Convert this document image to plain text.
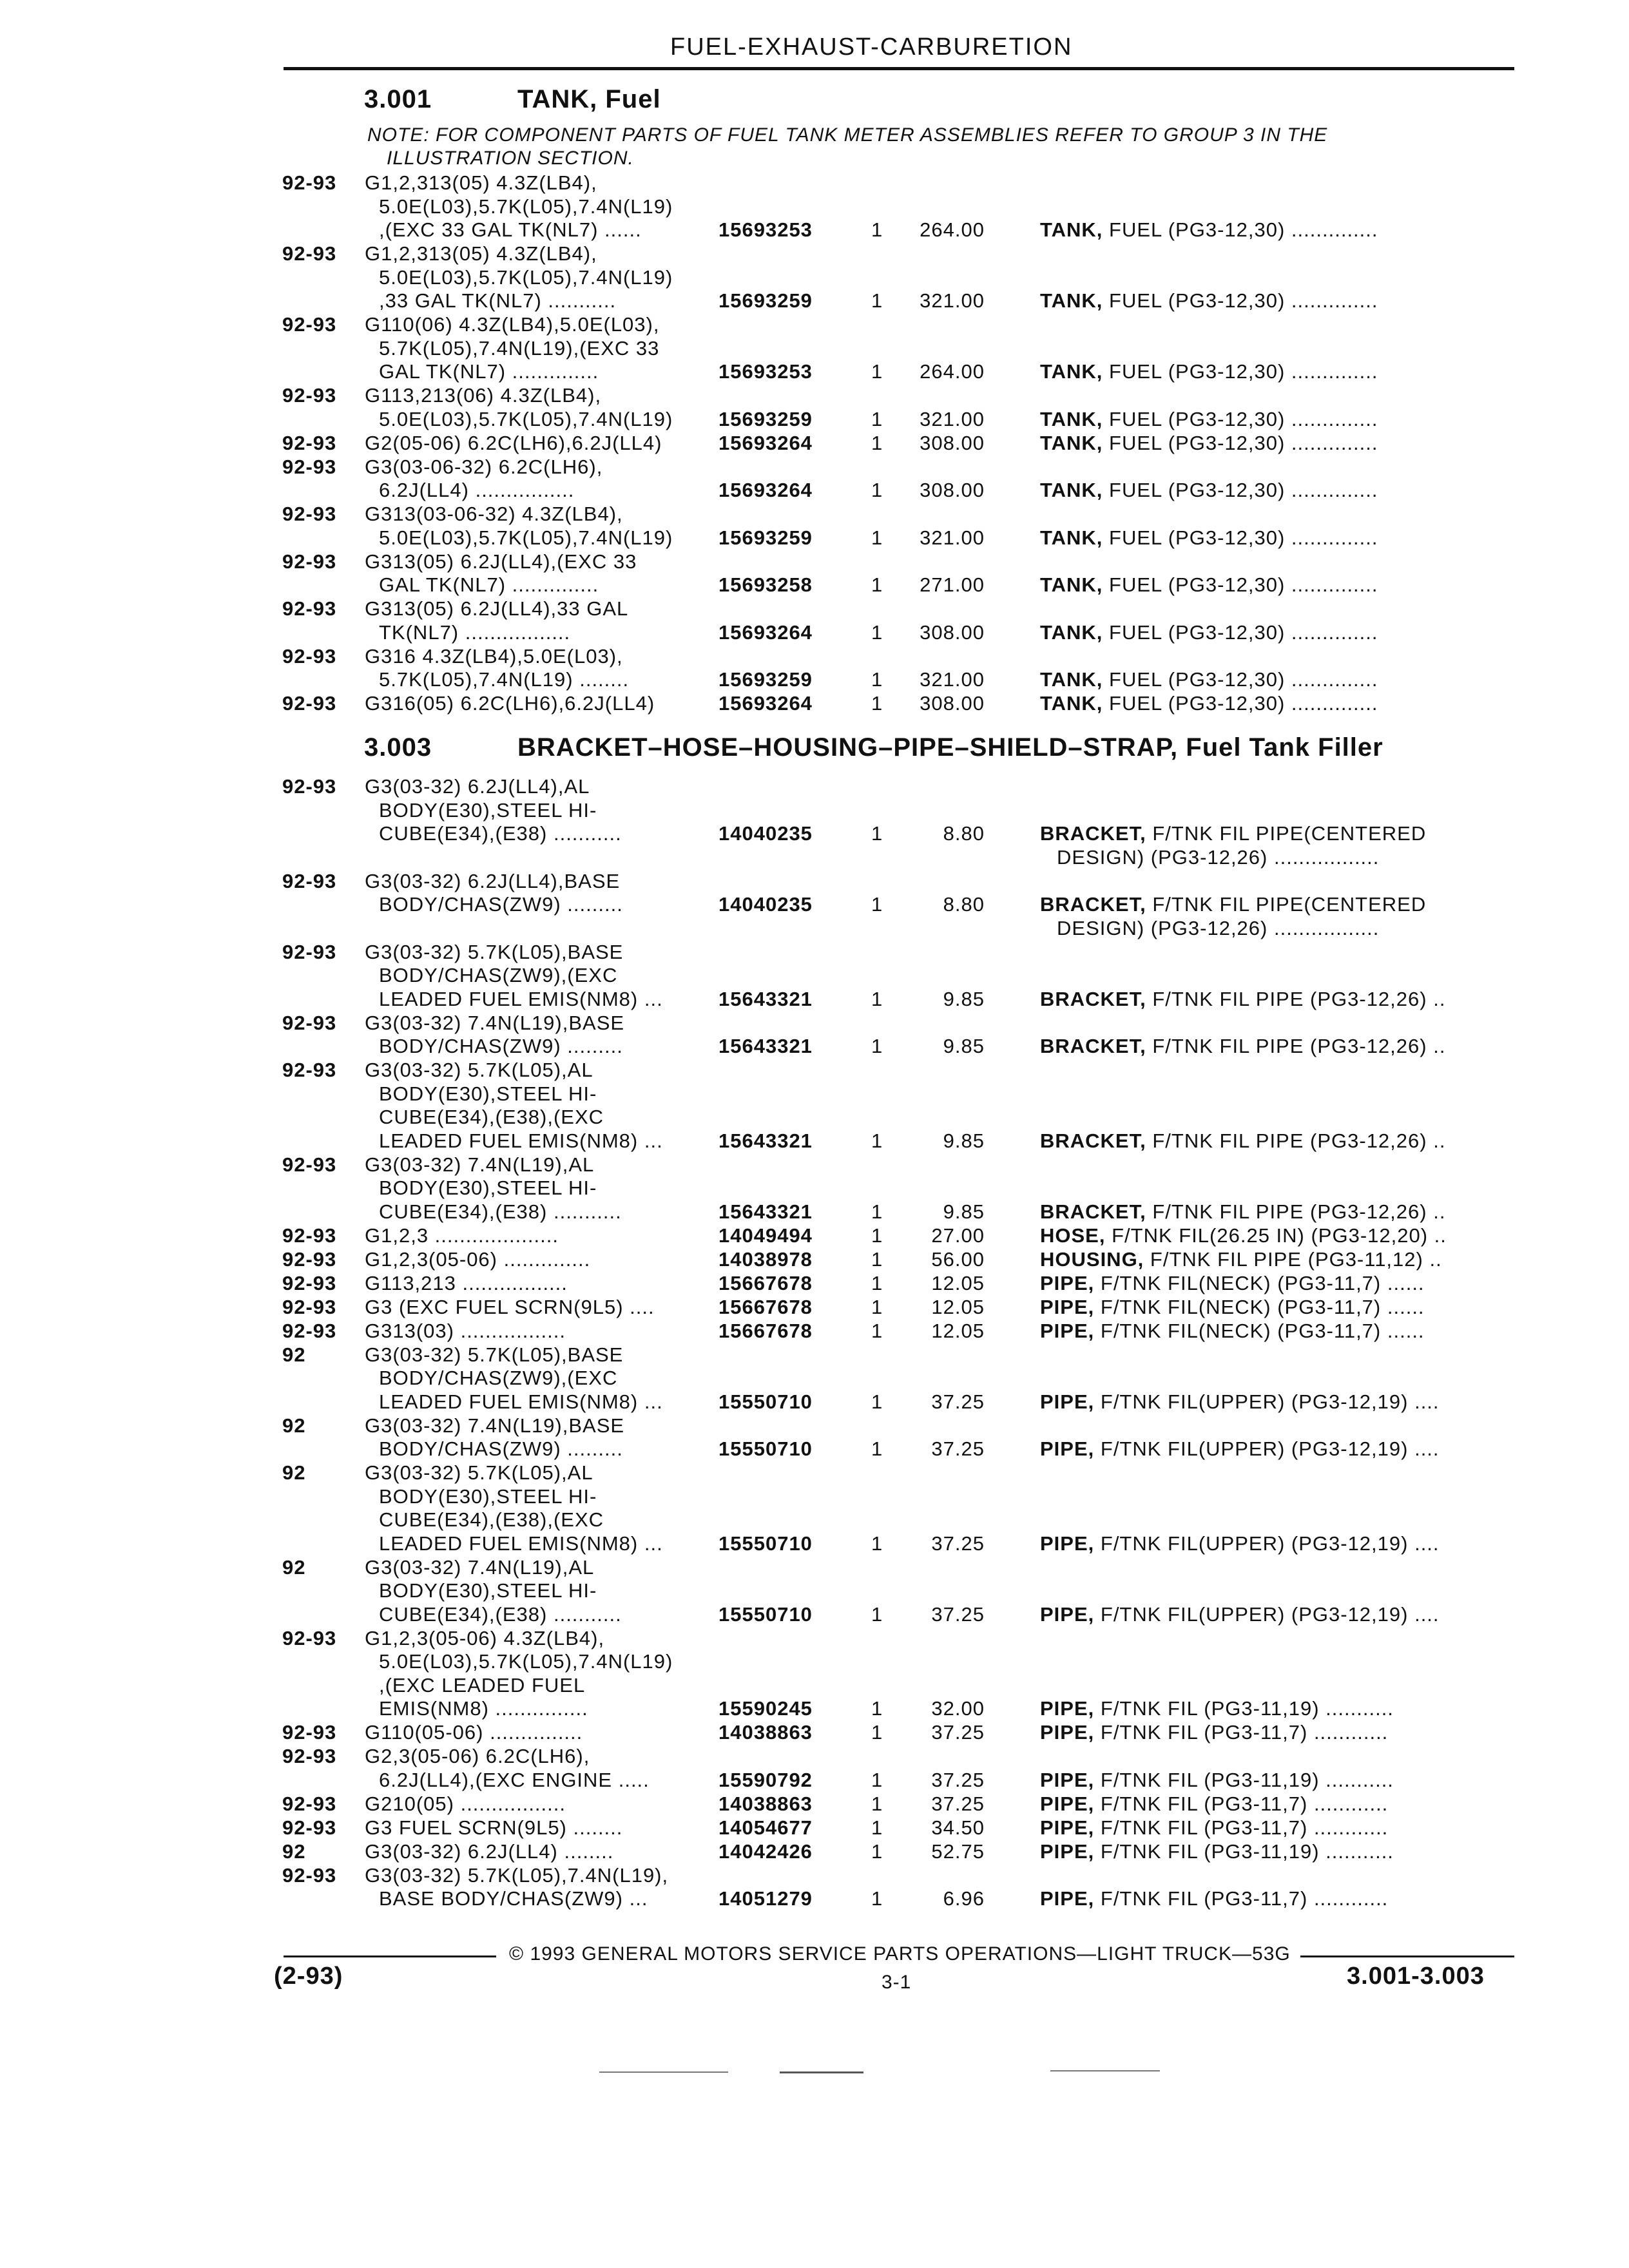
FUEL-EXHAUST-CARBURETION
3.001	TANK, Fuel
NOTE: FOR COMPONENT PARTS OF FUEL TANK METER ASSEMBLIES REFER TO GROUP 3 IN THE
ILLUSTRATION SECTION.
92-93 G1,2,313(05) 4.3Z(LB4),
5.0E(L03),5.7K(L05),7.4N(L19)
,(EXC 33 GAL TK(NL7) ......	15693253	1 264.00	TANK, FUEL (PG3-12,30) ..............
92-93 G1,2,313(05) 4.3Z(LB4),
5.0E(L03),5.7K(L05),7.4N(L19)
,33 GAL TK(NL7) ...........	15693259	1 321.00	TANK, FUEL (PG3-12,30) ..............
92-93 G110(06) 4.3Z(LB4),5.0E(L03),
5.7K(L05),7.4N(L19),(EXC 33
GAL TK(NL7) ..............	15693253	1 264.00	TANK, FUEL (PG3-12,30) ..............
92-93 G113,213(06) 4.3Z(LB4),
5.0E(L03),5.7K(L05),7.4N(L19) 15693259	1 321.00	TANK, FUEL (PG3-12,30) ..............
92-93 G2(05-06) 6.2C(LH6),6.2J(LL4)	15693264	1 308.00	TANK, FUEL (PG3-12,30) ..............
92-93 G3(03-06-32) 6.2C(LH6),
6.2J(LL4) ................	15693264	1 308.00	TANK, FUEL (PG3-12,30) ..............
92-93 G313(03-06-32) 4.3Z(LB4),
5.0E(L03),5.7K(L05),7.4N(L19) 15693259	1 321.00	TANK, FUEL (PG3-12,30) ..............
92-93 G313(05) 6.2J(LL4),(EXC 33
GAL TK(NL7) ..............	15693258	1 271.00	TANK, FUEL (PG3-12,30) ..............
92-93 G313(05) 6.2J(LL4),33 GAL
TK(NL7) .................	15693264	1 308.00	TANK, FUEL (PG3-12,30) ..............
92-93 G316 4.3Z(LB4),5.0E(L03),
5.7K(L05),7.4N(L19) ........	15693259	1 321.00	TANK, FUEL (PG3-12,30) ..............
92-93 G316(05) 6.2C(LH6),6.2J(LL4)	15693264	1 308.00	TANK, FUEL (PG3-12,30) ..............
3.003	BRACKET–HOSE–HOUSING–PIPE–SHIELD–STRAP, Fuel Tank Filler
92-93 G3(03-32) 6.2J(LL4),AL
BODY(E30),STEEL HI-
CUBE(E34),(E38) ...........	14040235	1	8.80	BRACKET, F/TNK FIL PIPE(CENTERED
DESIGN) (PG3-12,26) .................
92-93 G3(03-32) 6.2J(LL4),BASE
BODY/CHAS(ZW9) .........	14040235	1	8.80	BRACKET, F/TNK FIL PIPE(CENTERED
DESIGN) (PG3-12,26) .................
92-93 G3(03-32) 5.7K(L05),BASE
BODY/CHAS(ZW9),(EXC
LEADED FUEL EMIS(NM8) ...	15643321	1	9.85	BRACKET, F/TNK FIL PIPE (PG3-12,26) ..
92-93 G3(03-32) 7.4N(L19),BASE
BODY/CHAS(ZW9) .........	15643321	1	9.85	BRACKET, F/TNK FIL PIPE (PG3-12,26) ..
92-93 G3(03-32) 5.7K(L05),AL
BODY(E30),STEEL HI-
CUBE(E34),(E38),(EXC
LEADED FUEL EMIS(NM8) ...	15643321	1	9.85	BRACKET, F/TNK FIL PIPE (PG3-12,26) ..
92-93 G3(03-32) 7.4N(L19),AL
BODY(E30),STEEL HI-
CUBE(E34),(E38) ...........	15643321	1	9.85	BRACKET, F/TNK FIL PIPE (PG3-12,26) ..
92-93 G1,2,3 ....................	14049494	1 27.00	HOSE, F/TNK FIL(26.25 IN) (PG3-12,20) ..
92-93 G1,2,3(05-06) ..............	14038978	1 56.00	HOUSING, F/TNK FIL PIPE (PG3-11,12) ..
92-93 G113,213 .................	15667678	1 12.05	PIPE, F/TNK FIL(NECK) (PG3-11,7) ......
92-93 G3 (EXC FUEL SCRN(9L5) ....	15667678	1 12.05	PIPE, F/TNK FIL(NECK) (PG3-11,7) ......
92-93 G313(03) .................	15667678	1 12.05	PIPE, F/TNK FIL(NECK) (PG3-11,7) ......
92	G3(03-32) 5.7K(L05),BASE
BODY/CHAS(ZW9),(EXC
LEADED FUEL EMIS(NM8) ...	15550710	1 37.25	PIPE, F/TNK FIL(UPPER) (PG3-12,19) ....
92	G3(03-32) 7.4N(L19),BASE
BODY/CHAS(ZW9) .........	15550710	1 37.25	PIPE, F/TNK FIL(UPPER) (PG3-12,19) ....
92	G3(03-32) 5.7K(L05),AL
BODY(E30),STEEL HI-
CUBE(E34),(E38),(EXC
LEADED FUEL EMIS(NM8) ...	15550710	1 37.25	PIPE, F/TNK FIL(UPPER) (PG3-12,19) ....
92	G3(03-32) 7.4N(L19),AL
BODY(E30),STEEL HI-
CUBE(E34),(E38) ...........	15550710	1 37.25	PIPE, F/TNK FIL(UPPER) (PG3-12,19) ....
92-93 G1,2,3(05-06) 4.3Z(LB4),
5.0E(L03),5.7K(L05),7.4N(L19)
,(EXC LEADED FUEL
EMIS(NM8) ...............	15590245	1 32.00	PIPE, F/TNK FIL (PG3-11,19) ...........
92-93 G110(05-06) ...............	14038863	1 37.25	PIPE, F/TNK FIL (PG3-11,7) ............
92-93 G2,3(05-06) 6.2C(LH6),
6.2J(LL4),(EXC ENGINE .....	15590792	1 37.25	PIPE, F/TNK FIL (PG3-11,19) ...........
92-93 G210(05) .................	14038863	1 37.25	PIPE, F/TNK FIL (PG3-11,7) ............
92-93 G3 FUEL SCRN(9L5) ........	14054677	1 34.50	PIPE, F/TNK FIL (PG3-11,7) ............
92	G3(03-32) 6.2J(LL4) ........	14042426	1 52.75	PIPE, F/TNK FIL (PG3-11,19) ...........
92-93 G3(03-32) 5.7K(L05),7.4N(L19),
BASE BODY/CHAS(ZW9) ...	14051279	1	6.96	PIPE, F/TNK FIL (PG3-11,7) ............
© 1993 GENERAL MOTORS SERVICE PARTS OPERATIONS—LIGHT TRUCK—53G
(2-93)	3-1	3.001-3.003
